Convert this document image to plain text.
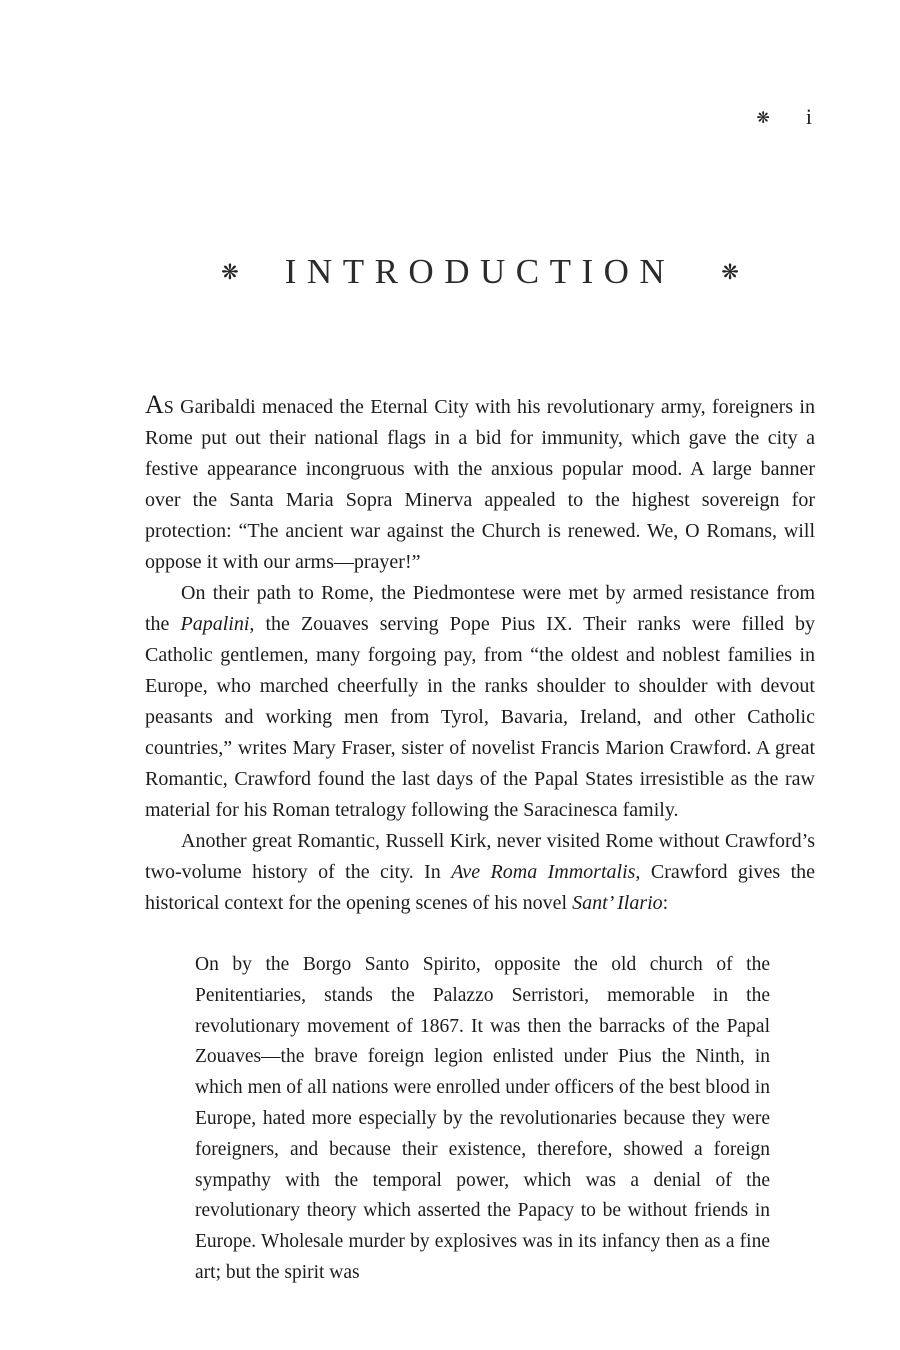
❋ i
❋ INTRODUCTION ❋

As Garibaldi menaced the Eternal City with his revolutionary army, foreigners in Rome put out their national flags in a bid for immunity, which gave the city a festive appearance incongruous with the anxious popular mood. A large banner over the Santa Maria Sopra Minerva appealed to the highest sovereign for protection: “The ancient war against the Church is renewed. We, O Romans, will oppose it with our arms—prayer!”

On their path to Rome, the Piedmontese were met by armed resistance from the Papalini, the Zouaves serving Pope Pius IX. Their ranks were filled by Catholic gentlemen, many forgoing pay, from “the oldest and noblest families in Europe, who marched cheerfully in the ranks shoulder to shoulder with devout peasants and working men from Tyrol, Bavaria, Ireland, and other Catholic countries,” writes Mary Fraser, sister of novelist Francis Marion Crawford. A great Romantic, Crawford found the last days of the Papal States irresistible as the raw material for his Roman tetralogy following the Saracinesca family.

Another great Romantic, Russell Kirk, never visited Rome without Crawford’s two-volume history of the city. In Ave Roma Immortalis, Crawford gives the historical context for the opening scenes of his novel Sant’ Ilario:

On by the Borgo Santo Spirito, opposite the old church of the Penitentiaries, stands the Palazzo Serristori, memorable in the revolutionary movement of 1867. It was then the barracks of the Papal Zouaves—the brave foreign legion enlisted under Pius the Ninth, in which men of all nations were enrolled under officers of the best blood in Europe, hated more especially by the revolutionaries because they were foreigners, and because their existence, therefore, showed a foreign sympathy with the temporal power, which was a denial of the revolutionary theory which asserted the Papacy to be without friends in Europe. Wholesale murder by explosives was in its infancy then as a fine art; but the spirit was
